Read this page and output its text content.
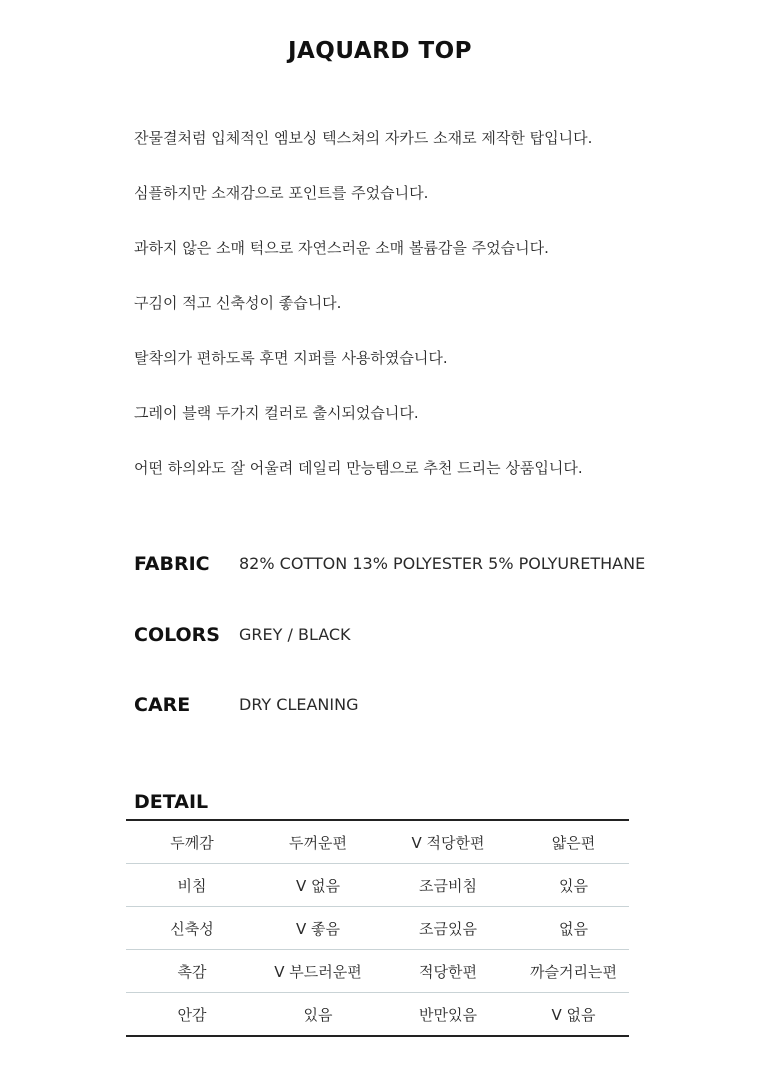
JAQUARD TOP
잔물결처럼 입체적인 엠보싱 텍스쳐의 자카드 소재로 제작한 탑입니다.
심플하지만 소재감으로 포인트를 주었습니다.
과하지 않은 소매 턱으로 자연스러운 소매 볼륨감을 주었습니다.
구김이 적고 신축성이 좋습니다.
탈착의가 편하도록 후면 지퍼를 사용하였습니다.
그레이 블랙 두가지 컬러로 출시되었습니다.
어떤 하의와도 잘 어울려 데일리 만능템으로 추천 드리는 상품입니다.
FABRIC 82% COTTON 13% POLYESTER 5% POLYURETHANE
COLORS GREY / BLACK
CARE	DRY CLEANING
DETAIL
두께감	두꺼운편	V 적당한편	얇은편
비침	V 없음	조금비침	있음
신축성	V 좋음	조금있음	없음
촉감	V 부드러운편	적당한편	까슬거리는편
안감	있음	반만있음	V 없음
